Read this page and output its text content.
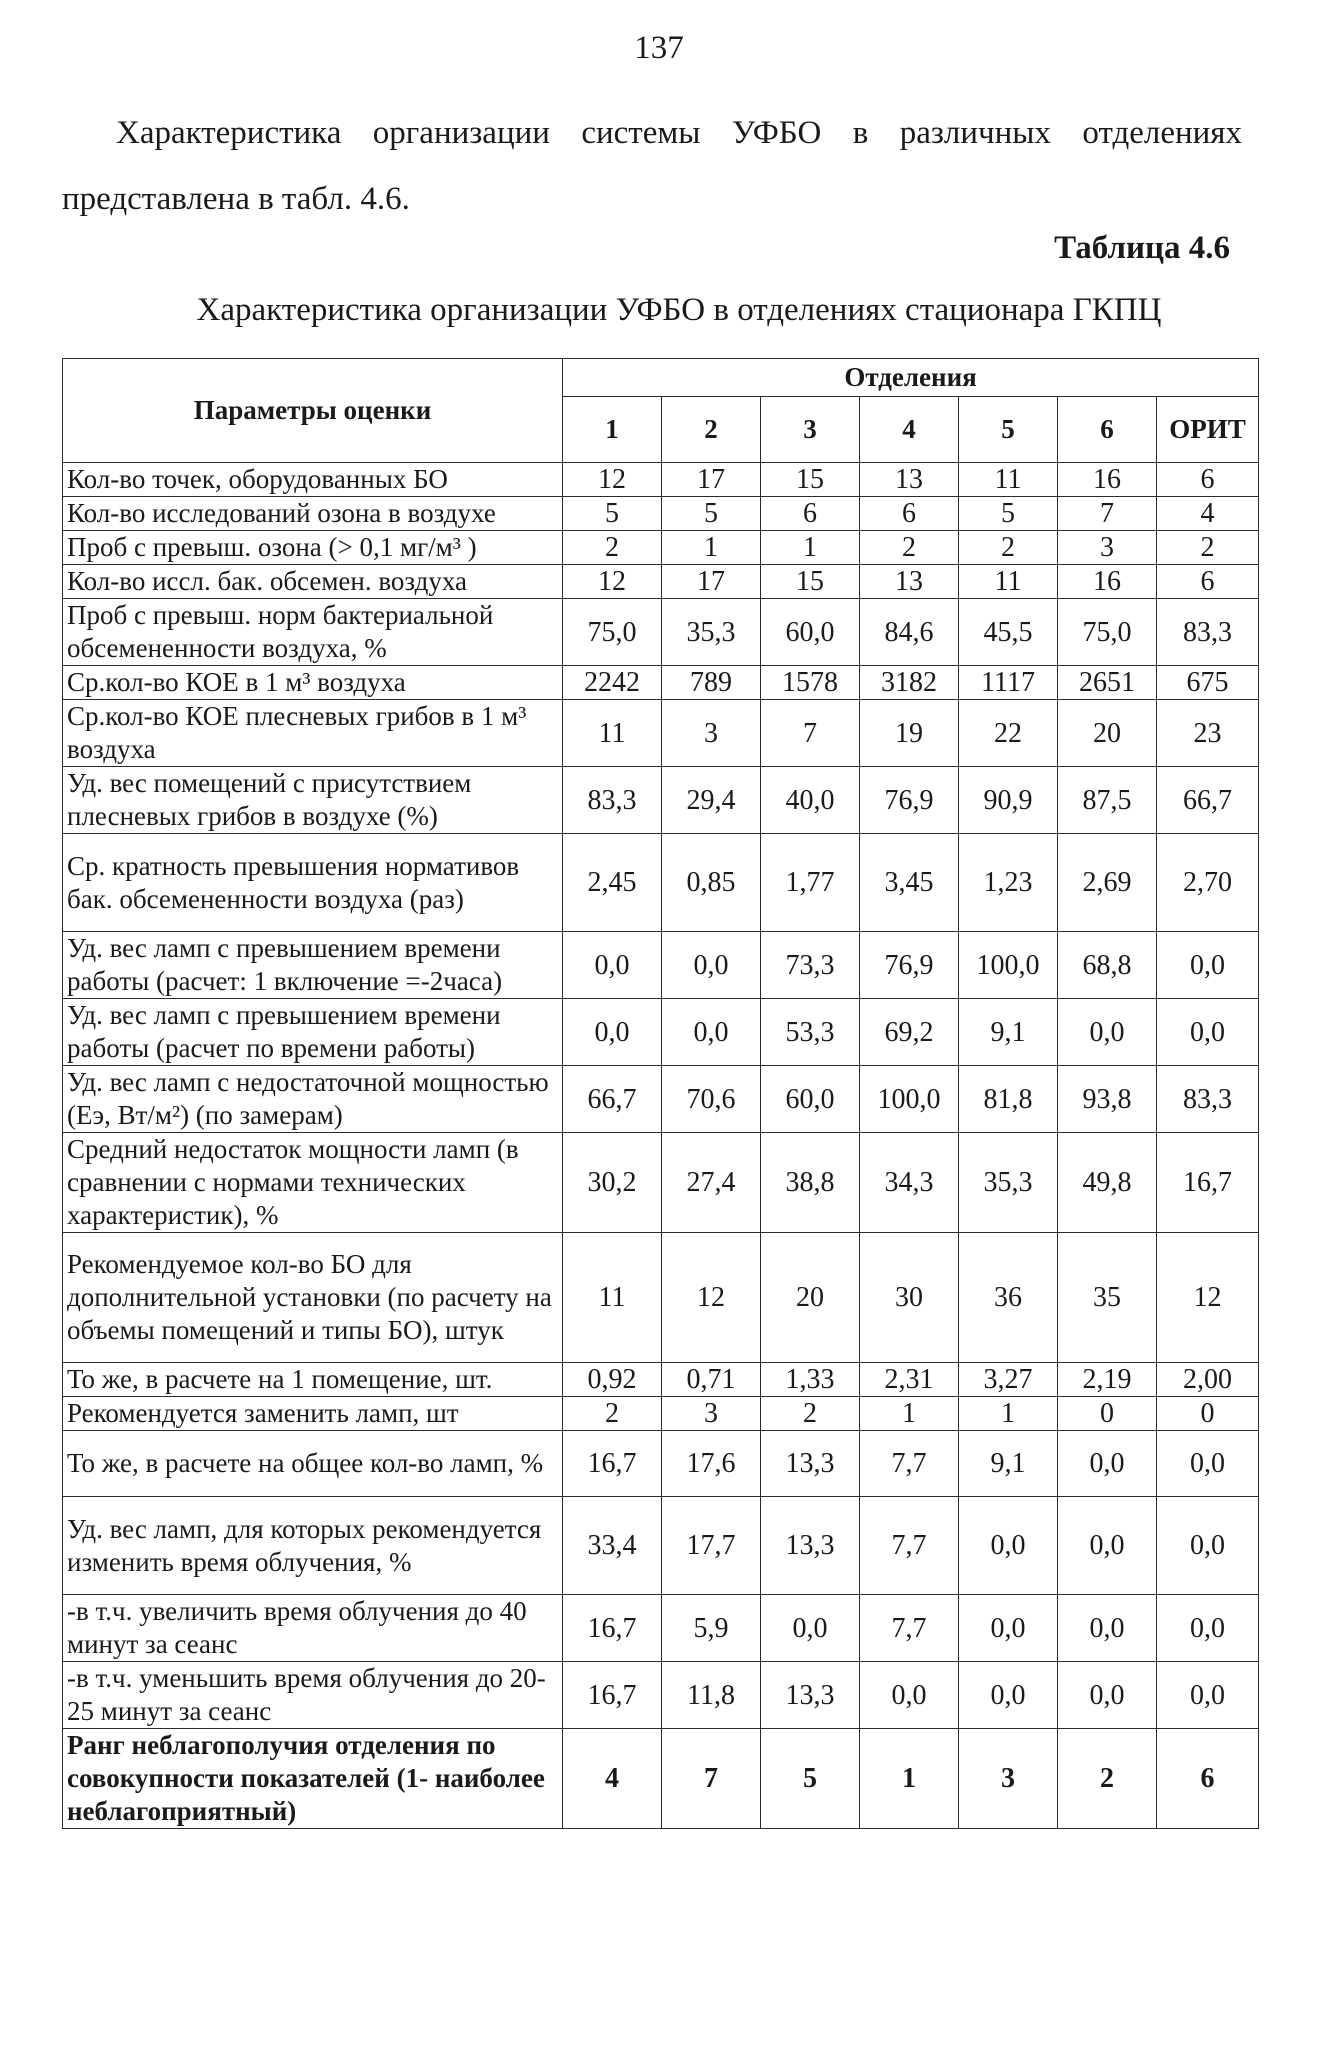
137

Характеристика организации системы УФБО в различных отделениях представлена в табл. 4.6.

Таблица 4.6
Характеристика организации УФБО в отделениях стационара ГКПЦ
Параметры оценки	Отделения						
	1	2	3	4	5	6	ОРИТ
Кол-во точек, оборудованных БО	12	17	15	13	11	16	6
Кол-во исследований озона в воздухе	5	5	6	6	5	7	4
Проб с превыш. озона (> 0,1 мг/м³ )	2	1	1	2	2	3	2
Кол-во иссл. бак. обсемен. воздуха	12	17	15	13	11	16	6
Проб с превыш. норм бактериальной обсемененности воздуха, %	75,0	35,3	60,0	84,6	45,5	75,0	83,3
Ср.кол-во КОЕ в 1 м³ воздуха	2242	789	1578	3182	1117	2651	675
Ср.кол-во КОЕ плесневых грибов в 1 м³ воздуха	11	3	7	19	22	20	23
Уд. вес помещений с присутствием плесневых грибов в воздухе (%)	83,3	29,4	40,0	76,9	90,9	87,5	66,7
Ср. кратность превышения нормативов бак. обсемененности воздуха (раз)	2,45	0,85	1,77	3,45	1,23	2,69	2,70
Уд. вес ламп с превышением времени работы (расчет: 1 включение =-2часа)	0,0	0,0	73,3	76,9	100,0	68,8	0,0
Уд. вес ламп с превышением времени работы (расчет по времени работы)	0,0	0,0	53,3	69,2	9,1	0,0	0,0
Уд. вес ламп с недостаточной мощностью (Еэ, Вт/м²) (по замерам)	66,7	70,6	60,0	100,0	81,8	93,8	83,3
Средний недостаток мощности ламп (в сравнении с нормами технических характеристик), %	30,2	27,4	38,8	34,3	35,3	49,8	16,7
Рекомендуемое кол-во БО для дополнительной установки (по расчету на объемы помещений и типы БО), штук	11	12	20	30	36	35	12
То же, в расчете на 1 помещение, шт.	0,92	0,71	1,33	2,31	3,27	2,19	2,00
Рекомендуется заменить ламп, шт	2	3	2	1	1	0	0
То же, в расчете на общее кол-во ламп, %	16,7	17,6	13,3	7,7	9,1	0,0	0,0
Уд. вес ламп, для которых рекомендуется изменить время облучения, %	33,4	17,7	13,3	7,7	0,0	0,0	0,0
-в т.ч. увеличить время облучения до 40 минут за сеанс	16,7	5,9	0,0	7,7	0,0	0,0	0,0
-в т.ч. уменьшить время облучения до 20-25 минут за сеанс	16,7	11,8	13,3	0,0	0,0	0,0	0,0
Ранг неблагополучия отделения по совокупности показателей (1- наиболее неблагоприятный)	4	7	5	1	3	2	6
